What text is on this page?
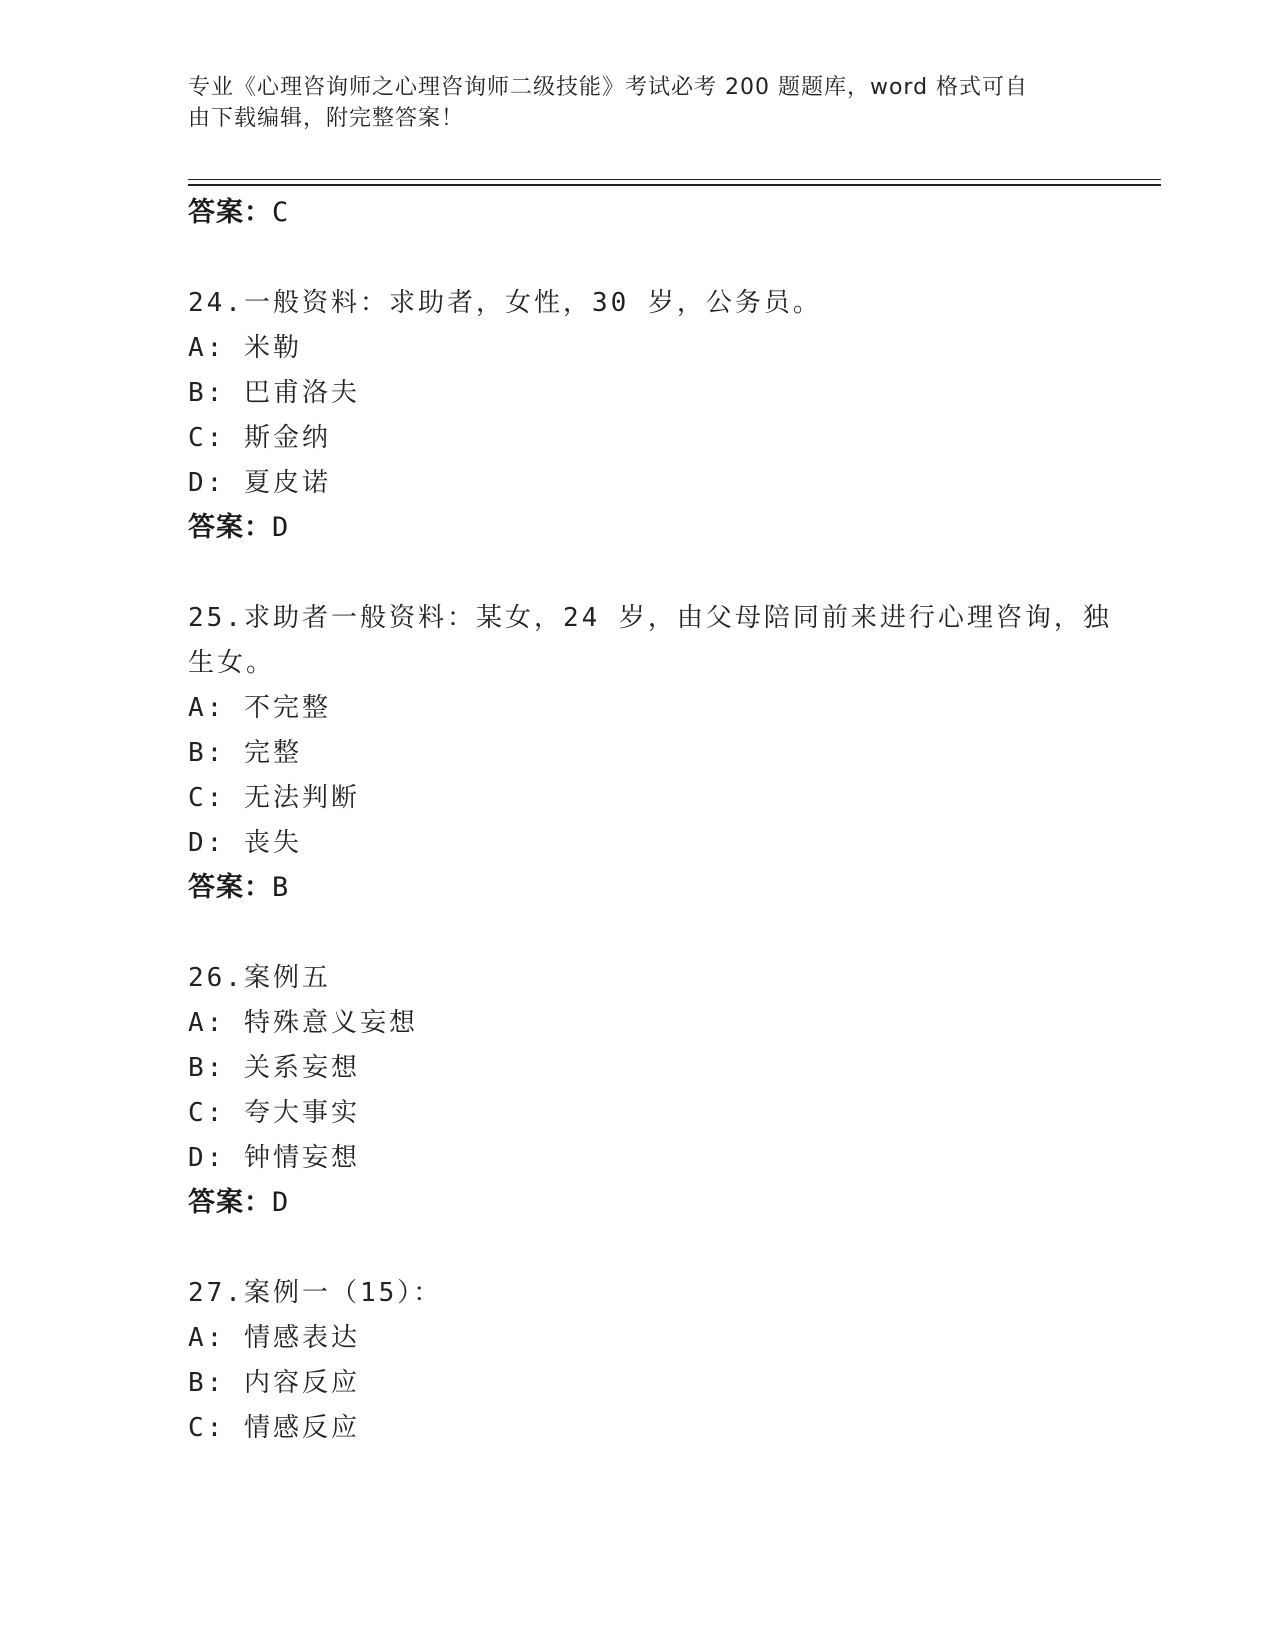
专业《心理咨询师之心理咨询师二级技能》考试必考 200 题题库，word 格式可自
由下载编辑，附完整答案！
答案：C
24.一般资料：求助者，女性，30 岁，公务员。
A: 米勒
B: 巴甫洛夫
C: 斯金纳
D: 夏皮诺
答案：D
25.求助者一般资料：某女，24 岁，由父母陪同前来进行心理咨询，独
生女。
A: 不完整
B: 完整
C: 无法判断
D: 丧失
答案：B
26.案例五
A: 特殊意义妄想
B: 关系妄想
C: 夸大事实
D: 钟情妄想
答案：D
27.案例一（15）：
A: 情感表达
B: 内容反应
C: 情感反应
